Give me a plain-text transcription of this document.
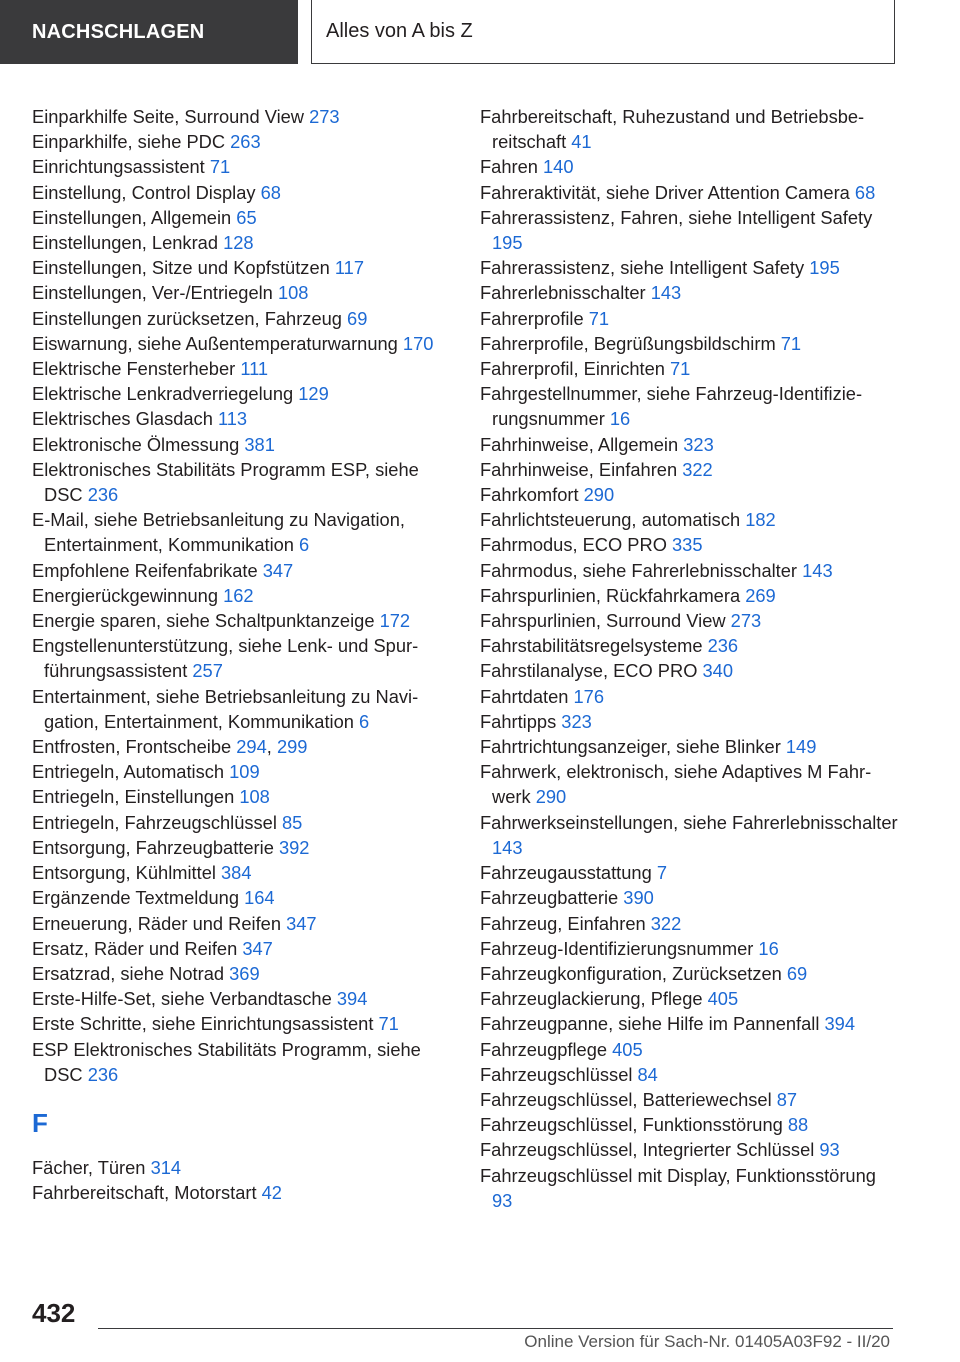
NACHSCHLAGEN	Alles von A bis Z
Einparkhilfe Seite, Surround View 273
Einparkhilfe, siehe PDC 263
Einrichtungsassistent 71
Einstellung, Control Display 68
Einstellungen, Allgemein 65
Einstellungen, Lenkrad 128
Einstellungen, Sitze und Kopfstützen 117
Einstellungen, Ver-/Entriegeln 108
Einstellungen zurücksetzen, Fahrzeug 69
Eiswarnung, siehe Außentemperaturwarnung 170
Elektrische Fensterheber 111
Elektrische Lenkradverriegelung 129
Elektrisches Glasdach 113
Elektronische Ölmessung 381
Elektronisches Stabilitäts Programm ESP, siehe DSC 236
E-Mail, siehe Betriebsanleitung zu Navigation, Entertainment, Kommunikation 6
Empfohlene Reifenfabrikate 347
Energierückgewinnung 162
Energie sparen, siehe Schaltpunktanzeige 172
Engstellenunterstützung, siehe Lenk- und Spurführungsassistent 257
Entertainment, siehe Betriebsanleitung zu Navigation, Entertainment, Kommunikation 6
Entfrosten, Frontscheibe 294, 299
Entriegeln, Automatisch 109
Entriegeln, Einstellungen 108
Entriegeln, Fahrzeugschlüssel 85
Entsorgung, Fahrzeugbatterie 392
Entsorgung, Kühlmittel 384
Ergänzende Textmeldung 164
Erneuerung, Räder und Reifen 347
Ersatz, Räder und Reifen 347
Ersatzrad, siehe Notrad 369
Erste-Hilfe-Set, siehe Verbandtasche 394
Erste Schritte, siehe Einrichtungsassistent 71
ESP Elektronisches Stabilitäts Programm, siehe DSC 236
F
Fächer, Türen 314
Fahrbereitschaft, Motorstart 42
Fahrbereitschaft, Ruhezustand und Betriebsbereitschaft 41
Fahren 140
Fahreraktivität, siehe Driver Attention Camera 68
Fahrerassistenz, Fahren, siehe Intelligent Safety 195
Fahrerassistenz, siehe Intelligent Safety 195
Fahrerlebnisschalter 143
Fahrerprofile 71
Fahrerprofile, Begrüßungsbildschirm 71
Fahrerprofil, Einrichten 71
Fahrgestellnummer, siehe Fahrzeug-Identifizierungsnummer 16
Fahrhinweise, Allgemein 323
Fahrhinweise, Einfahren 322
Fahrkomfort 290
Fahrlichtsteuerung, automatisch 182
Fahrmodus, ECO PRO 335
Fahrmodus, siehe Fahrerlebnisschalter 143
Fahrspurlinien, Rückfahrkamera 269
Fahrspurlinien, Surround View 273
Fahrstabilitätsregelsysteme 236
Fahrstilanalyse, ECO PRO 340
Fahrtdaten 176
Fahrtipps 323
Fahrtrichtungsanzeiger, siehe Blinker 149
Fahrwerk, elektronisch, siehe Adaptives M Fahrwerk 290
Fahrwerkseinstellungen, siehe Fahrerlebnisschalter 143
Fahrzeugausstattung 7
Fahrzeugbatterie 390
Fahrzeug, Einfahren 322
Fahrzeug-Identifizierungsnummer 16
Fahrzeugkonfiguration, Zurücksetzen 69
Fahrzeuglackierung, Pflege 405
Fahrzeugpanne, siehe Hilfe im Pannenfall 394
Fahrzeugpflege 405
Fahrzeugschlüssel 84
Fahrzeugschlüssel, Batteriewechsel 87
Fahrzeugschlüssel, Funktionsstörung 88
Fahrzeugschlüssel, Integrierter Schlüssel 93
Fahrzeugschlüssel mit Display, Funktionsstörung 93
432
Online Version für Sach-Nr. 01405A03F92 - II/20
